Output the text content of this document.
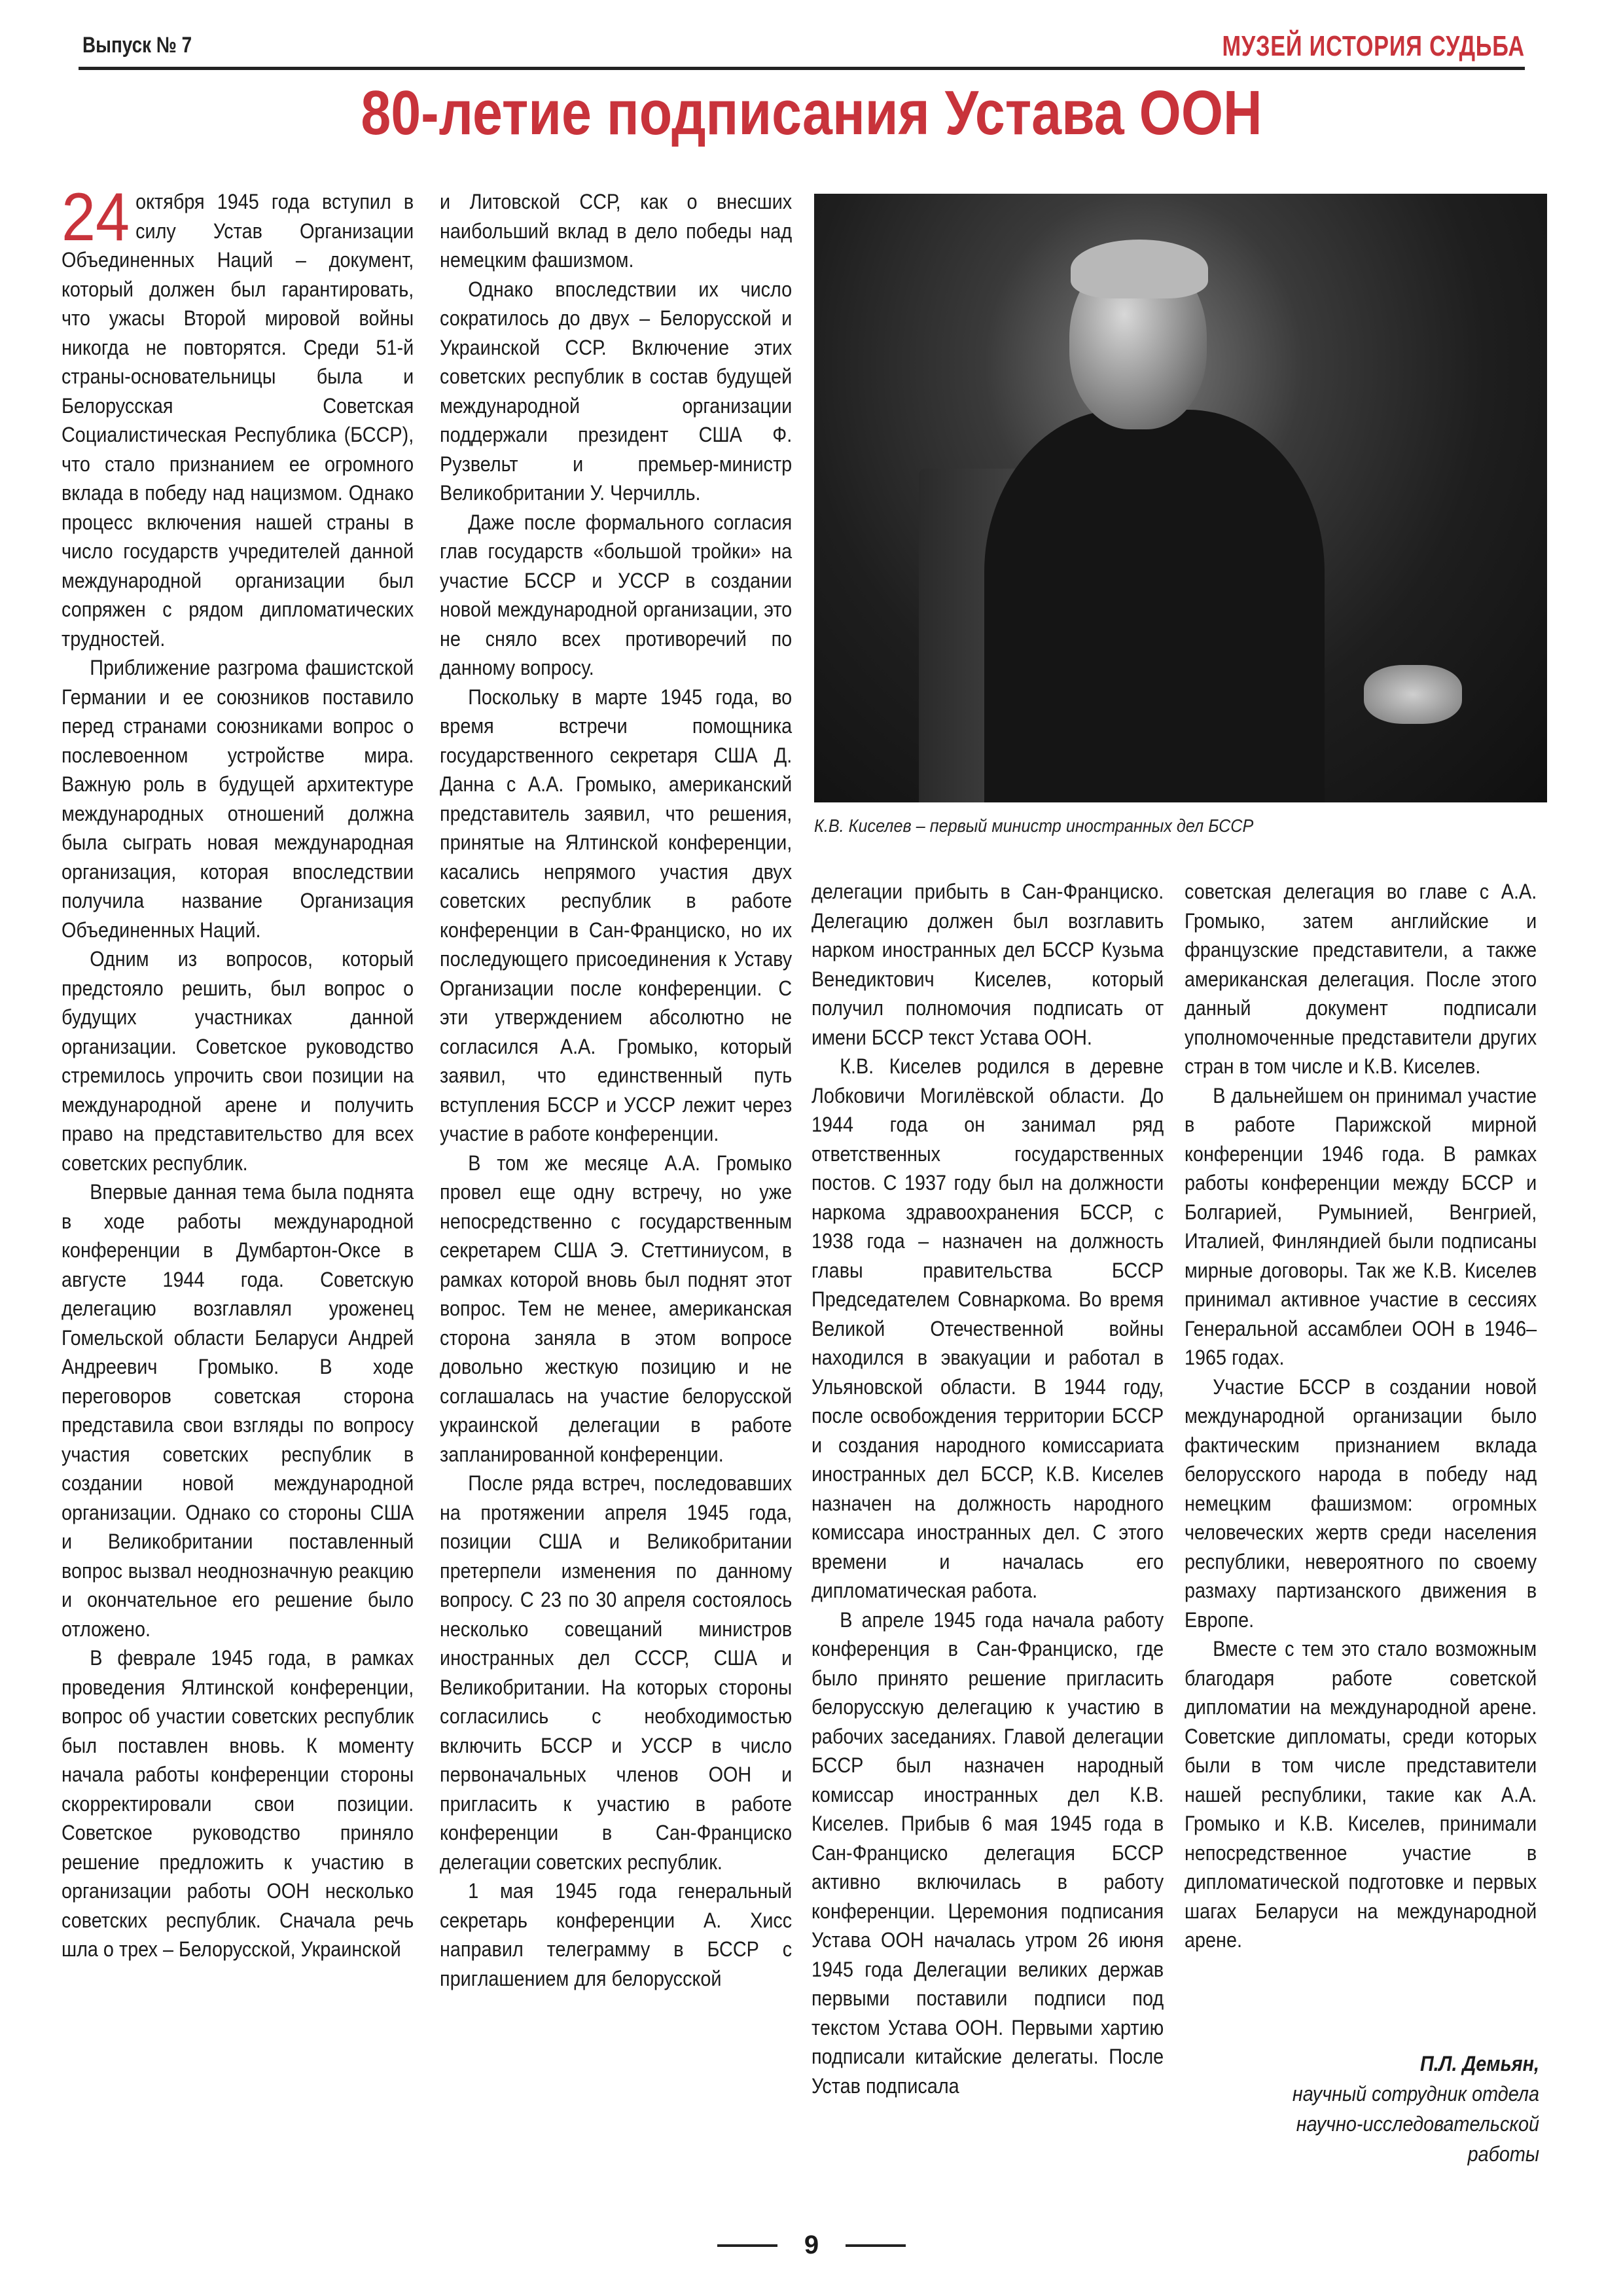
Выпуск № 7	МУЗЕЙ ИСТОРИЯ СУДЬБА
80-летие подписания Устава ООН

24 октября 1945 года вступил в силу Устав Организации Объединенных Наций – документ, который должен был гарантировать, что ужасы Второй мировой войны никогда не повторятся. Среди 51-й страны-основательницы была и Белорусская Советская Социалистическая Республика (БССР), что стало признанием ее огромного вклада в победу над нацизмом. Однако процесс включения нашей страны в число государств учредителей данной международной организации был сопряжен с рядом дипломатических трудностей.

Приближение разгрома фашистской Германии и ее союзников поставило перед странами союзниками вопрос о послевоенном устройстве мира. Важную роль в будущей архитектуре международных отношений должна была сыграть новая международная организация, которая впоследствии получила название Организация Объединенных Наций.

Одним из вопросов, который предстояло решить, был вопрос о будущих участниках данной организации. Советское руководство стремилось упрочить свои позиции на международной арене и получить право на представительство для всех советских республик.

Впервые данная тема была поднята в ходе работы международной конференции в Думбартон-Оксе в августе 1944 года. Советскую делегацию возглавлял уроженец Гомельской области Беларуси Андрей Андреевич Громыко. В ходе переговоров советская сторона представила свои взгляды по вопросу участия советских республик в создании новой международной организации. Однако со стороны США и Великобритании поставленный вопрос вызвал неоднозначную реакцию и окончательное его решение было отложено.

В феврале 1945 года, в рамках проведения Ялтинской конференции, вопрос об участии советских республик был поставлен вновь. К моменту начала работы конференции стороны скорректировали свои позиции. Советское руководство приняло решение предложить к участию в организации работы ООН несколько советских республик. Сначала речь шла о трех – Белорусской, Украинской

и Литовской ССР, как о внесших наибольший вклад в дело победы над немецким фашизмом.

Однако впоследствии их число сократилось до двух – Белорусской и Украинской ССР. Включение этих советских республик в состав будущей международной организации поддержали президент США Ф. Рузвельт и премьер-министр Великобритании У. Черчилль.

Даже после формального согласия глав государств «большой тройки» на участие БССР и УССР в создании новой международной организации, это не сняло всех противоречий по данному вопросу.

Поскольку в марте 1945 года, во время встречи помощника государственного секретаря США Д. Данна с А.А. Громыко, американский представитель заявил, что решения, принятые на Ялтинской конференции, касались непрямого участия двух советских республик в работе конференции в Сан-Франциско, но их последующего присоединения к Уставу Организации после конференции. С эти утверждением абсолютно не согласился А.А. Громыко, который заявил, что единственный путь вступления БССР и УССР лежит через участие в работе конференции.

В том же месяце А.А. Громыко провел еще одну встречу, но уже непосредственно с государственным секретарем США Э. Стеттиниусом, в рамках которой вновь был поднят этот вопрос. Тем не менее, американская сторона заняла в этом вопросе довольно жесткую позицию и не соглашалась на участие белорусской украинской делегации в работе запланированной конференции.

После ряда встреч, последовавших на протяжении апреля 1945 года, позиции США и Великобритании претерпели изменения по данному вопросу. С 23 по 30 апреля состоялось несколько совещаний министров иностранных дел СССР, США и Великобритании. На которых стороны согласились с необходимостью включить БССР и УССР в число первоначальных членов ООН и пригласить к участию в работе конференции в Сан-Франциско делегации советских республик.

1 мая 1945 года генеральный секретарь конференции А. Хисс направил телеграмму в БССР с приглашением для белорусской

К.В. Киселев – первый министр иностранных дел БССР

делегации прибыть в Сан-Франциско. Делегацию должен был возглавить нарком иностранных дел БССР Кузьма Венедиктович Киселев, который получил полномочия подписать от имени БССР текст Устава ООН.

К.В. Киселев родился в деревне Лобковичи Могилёвской области. До 1944 года он занимал ряд ответственных государственных постов. С 1937 году был на должности наркома здравоохранения БССР, с 1938 года – назначен на должность главы правительства БССР Председателем Совнаркома. Во время Великой Отечественной войны находился в эвакуации и работал в Ульяновской области. В 1944 году, после освобождения территории БССР и создания народного комиссариата иностранных дел БССР, К.В. Киселев назначен на должность народного комиссара иностранных дел. С этого времени и началась его дипломатическая работа.

В апреле 1945 года начала работу конференция в Сан-Франциско, где было принято решение пригласить белорусскую делегацию к участию в рабочих заседаниях. Главой делегации БССР был назначен народный комиссар иностранных дел К.В. Киселев. Прибыв 6 мая 1945 года в Сан-Франциско делегация БССР активно включилась в работу конференции. Церемония подписания Устава ООН началась утром 26 июня 1945 года Делегации великих держав первыми поставили подписи под текстом Устава ООН. Первыми хартию подписали китайские делегаты. После Устав подписала

советская делегация во главе с А.А. Громыко, затем английские и французские представители, а также американская делегация. После этого данный документ подписали уполномоченные представители других стран в том числе и К.В. Киселев.

В дальнейшем он принимал участие в работе Парижской мирной конференции 1946 года. В рамках работы конференции между БССР и Болгарией, Румынией, Венгрией, Италией, Финляндией были подписаны мирные договоры. Так же К.В. Киселев принимал активное участие в сессиях Генеральной ассамблеи ООН в 1946–1965 годах.

Участие БССР в создании новой международной организации было фактическим признанием вклада белорусского народа в победу над немецким фашизмом: огромных человеческих жертв среди населения республики, невероятного по своему размаху партизанского движения в Европе.

Вместе с тем это стало возможным благодаря работе советской дипломатии на международной арене. Советские дипломаты, среди которых были в том числе представители нашей республики, такие как А.А. Громыко и К.В. Киселев, принимали непосредственное участие в дипломатической подготовке и первых шагах Беларуси на международной арене.

П.Л. Демьян,
научный сотрудник отдела
научно-исследовательской
работы
9
